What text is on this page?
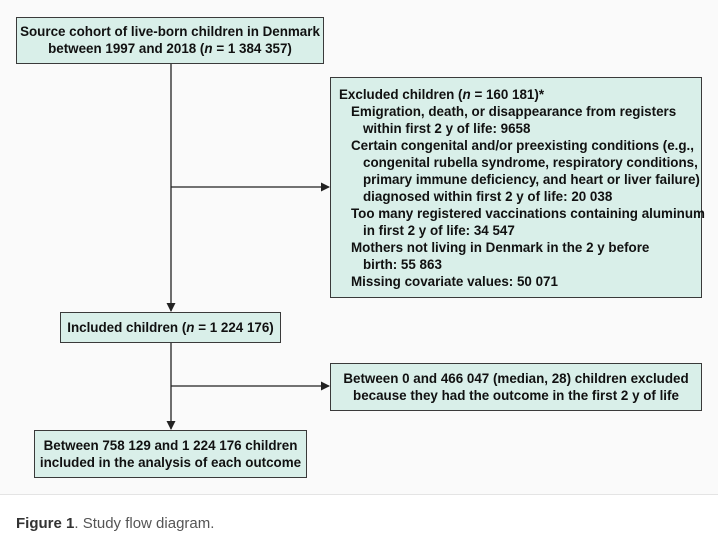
Source cohort of live-born children in Denmark
between 1997 and 2018 (n = 1 384 357)
Excluded children (n = 160 181)*
Emigration, death, or disappearance from registers
within first 2 y of life: 9658
Certain congenital and/or preexisting conditions (e.g.,
congenital rubella syndrome, respiratory conditions,
primary immune deficiency, and heart or liver failure)
diagnosed within first 2 y of life: 20 038
Too many registered vaccinations containing aluminum
in first 2 y of life: 34 547
Mothers not living in Denmark in the 2 y before
birth: 55 863
Missing covariate values: 50 071
Included children (n = 1 224 176)
Between 0 and 466 047 (median, 28) children excluded
because they had the outcome in the first 2 y of life
Between 758 129 and 1 224 176 children
included in the analysis of each outcome
Figure 1. Study flow diagram.
